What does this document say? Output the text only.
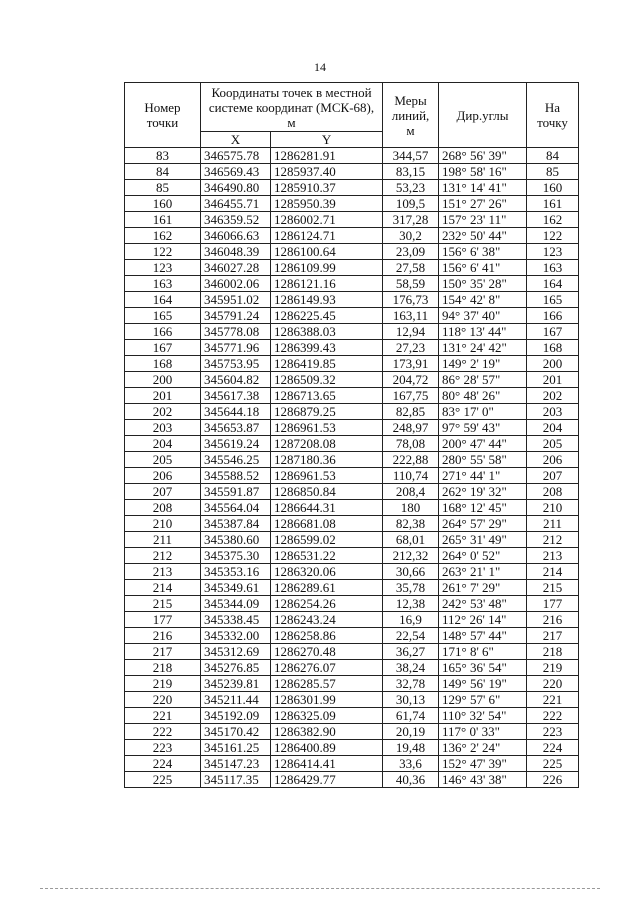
14
Номер точки	Координаты точек в местной системе координат (МСК-68), м		Меры линий, м	Дир.углы	На точку
	X	Y			
83	346575.78	1286281.91	344,57	268° 56' 39"	84
84	346569.43	1285937.40	83,15	198° 58' 16"	85
85	346490.80	1285910.37	53,23	131° 14' 41"	160
160	346455.71	1285950.39	109,5	151° 27' 26"	161
161	346359.52	1286002.71	317,28	157° 23' 11"	162
162	346066.63	1286124.71	30,2	232° 50' 44"	122
122	346048.39	1286100.64	23,09	156° 6' 38"	123
123	346027.28	1286109.99	27,58	156° 6' 41"	163
163	346002.06	1286121.16	58,59	150° 35' 28"	164
164	345951.02	1286149.93	176,73	154° 42' 8"	165
165	345791.24	1286225.45	163,11	94° 37' 40"	166
166	345778.08	1286388.03	12,94	118° 13' 44"	167
167	345771.96	1286399.43	27,23	131° 24' 42"	168
168	345753.95	1286419.85	173,91	149° 2' 19"	200
200	345604.82	1286509.32	204,72	86° 28' 57"	201
201	345617.38	1286713.65	167,75	80° 48' 26"	202
202	345644.18	1286879.25	82,85	83° 17' 0"	203
203	345653.87	1286961.53	248,97	97° 59' 43"	204
204	345619.24	1287208.08	78,08	200° 47' 44"	205
205	345546.25	1287180.36	222,88	280° 55' 58"	206
206	345588.52	1286961.53	110,74	271° 44' 1"	207
207	345591.87	1286850.84	208,4	262° 19' 32"	208
208	345564.04	1286644.31	180	168° 12' 45"	210
210	345387.84	1286681.08	82,38	264° 57' 29"	211
211	345380.60	1286599.02	68,01	265° 31' 49"	212
212	345375.30	1286531.22	212,32	264° 0' 52"	213
213	345353.16	1286320.06	30,66	263° 21' 1"	214
214	345349.61	1286289.61	35,78	261° 7' 29"	215
215	345344.09	1286254.26	12,38	242° 53' 48"	177
177	345338.45	1286243.24	16,9	112° 26' 14"	216
216	345332.00	1286258.86	22,54	148° 57' 44"	217
217	345312.69	1286270.48	36,27	171° 8' 6"	218
218	345276.85	1286276.07	38,24	165° 36' 54"	219
219	345239.81	1286285.57	32,78	149° 56' 19"	220
220	345211.44	1286301.99	30,13	129° 57' 6"	221
221	345192.09	1286325.09	61,74	110° 32' 54"	222
222	345170.42	1286382.90	20,19	117° 0' 33"	223
223	345161.25	1286400.89	19,48	136° 2' 24"	224
224	345147.23	1286414.41	33,6	152° 47' 39"	225
225	345117.35	1286429.77	40,36	146° 43' 38"	226
